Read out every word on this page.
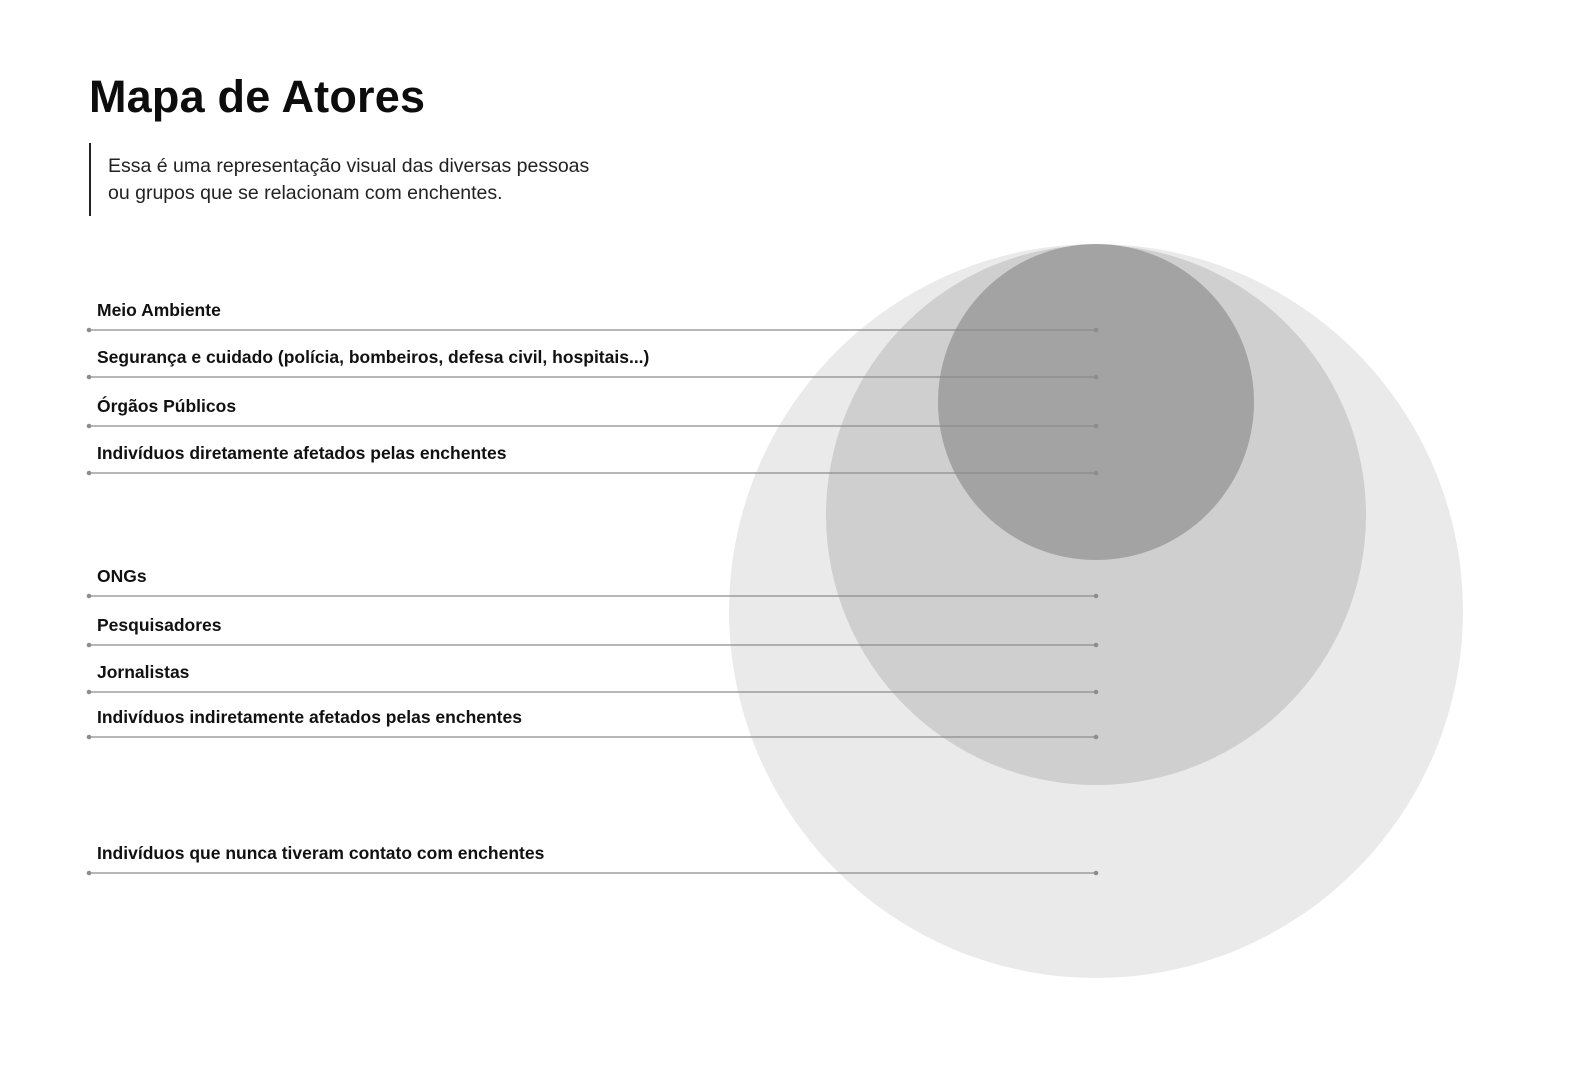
Mapa de Atores

Essa é uma representação visual das diversas pessoas

ou grupos que se relacionam com enchentes.

Meio Ambiente

Segurança e cuidado (polícia, bombeiros, defesa civil, hospitais...)

Órgãos Públicos

Indivíduos diretamente afetados pelas enchentes

ONGs

Pesquisadores

Jornalistas

Indivíduos indiretamente afetados pelas enchentes

Indivíduos que nunca tiveram contato com enchentes
